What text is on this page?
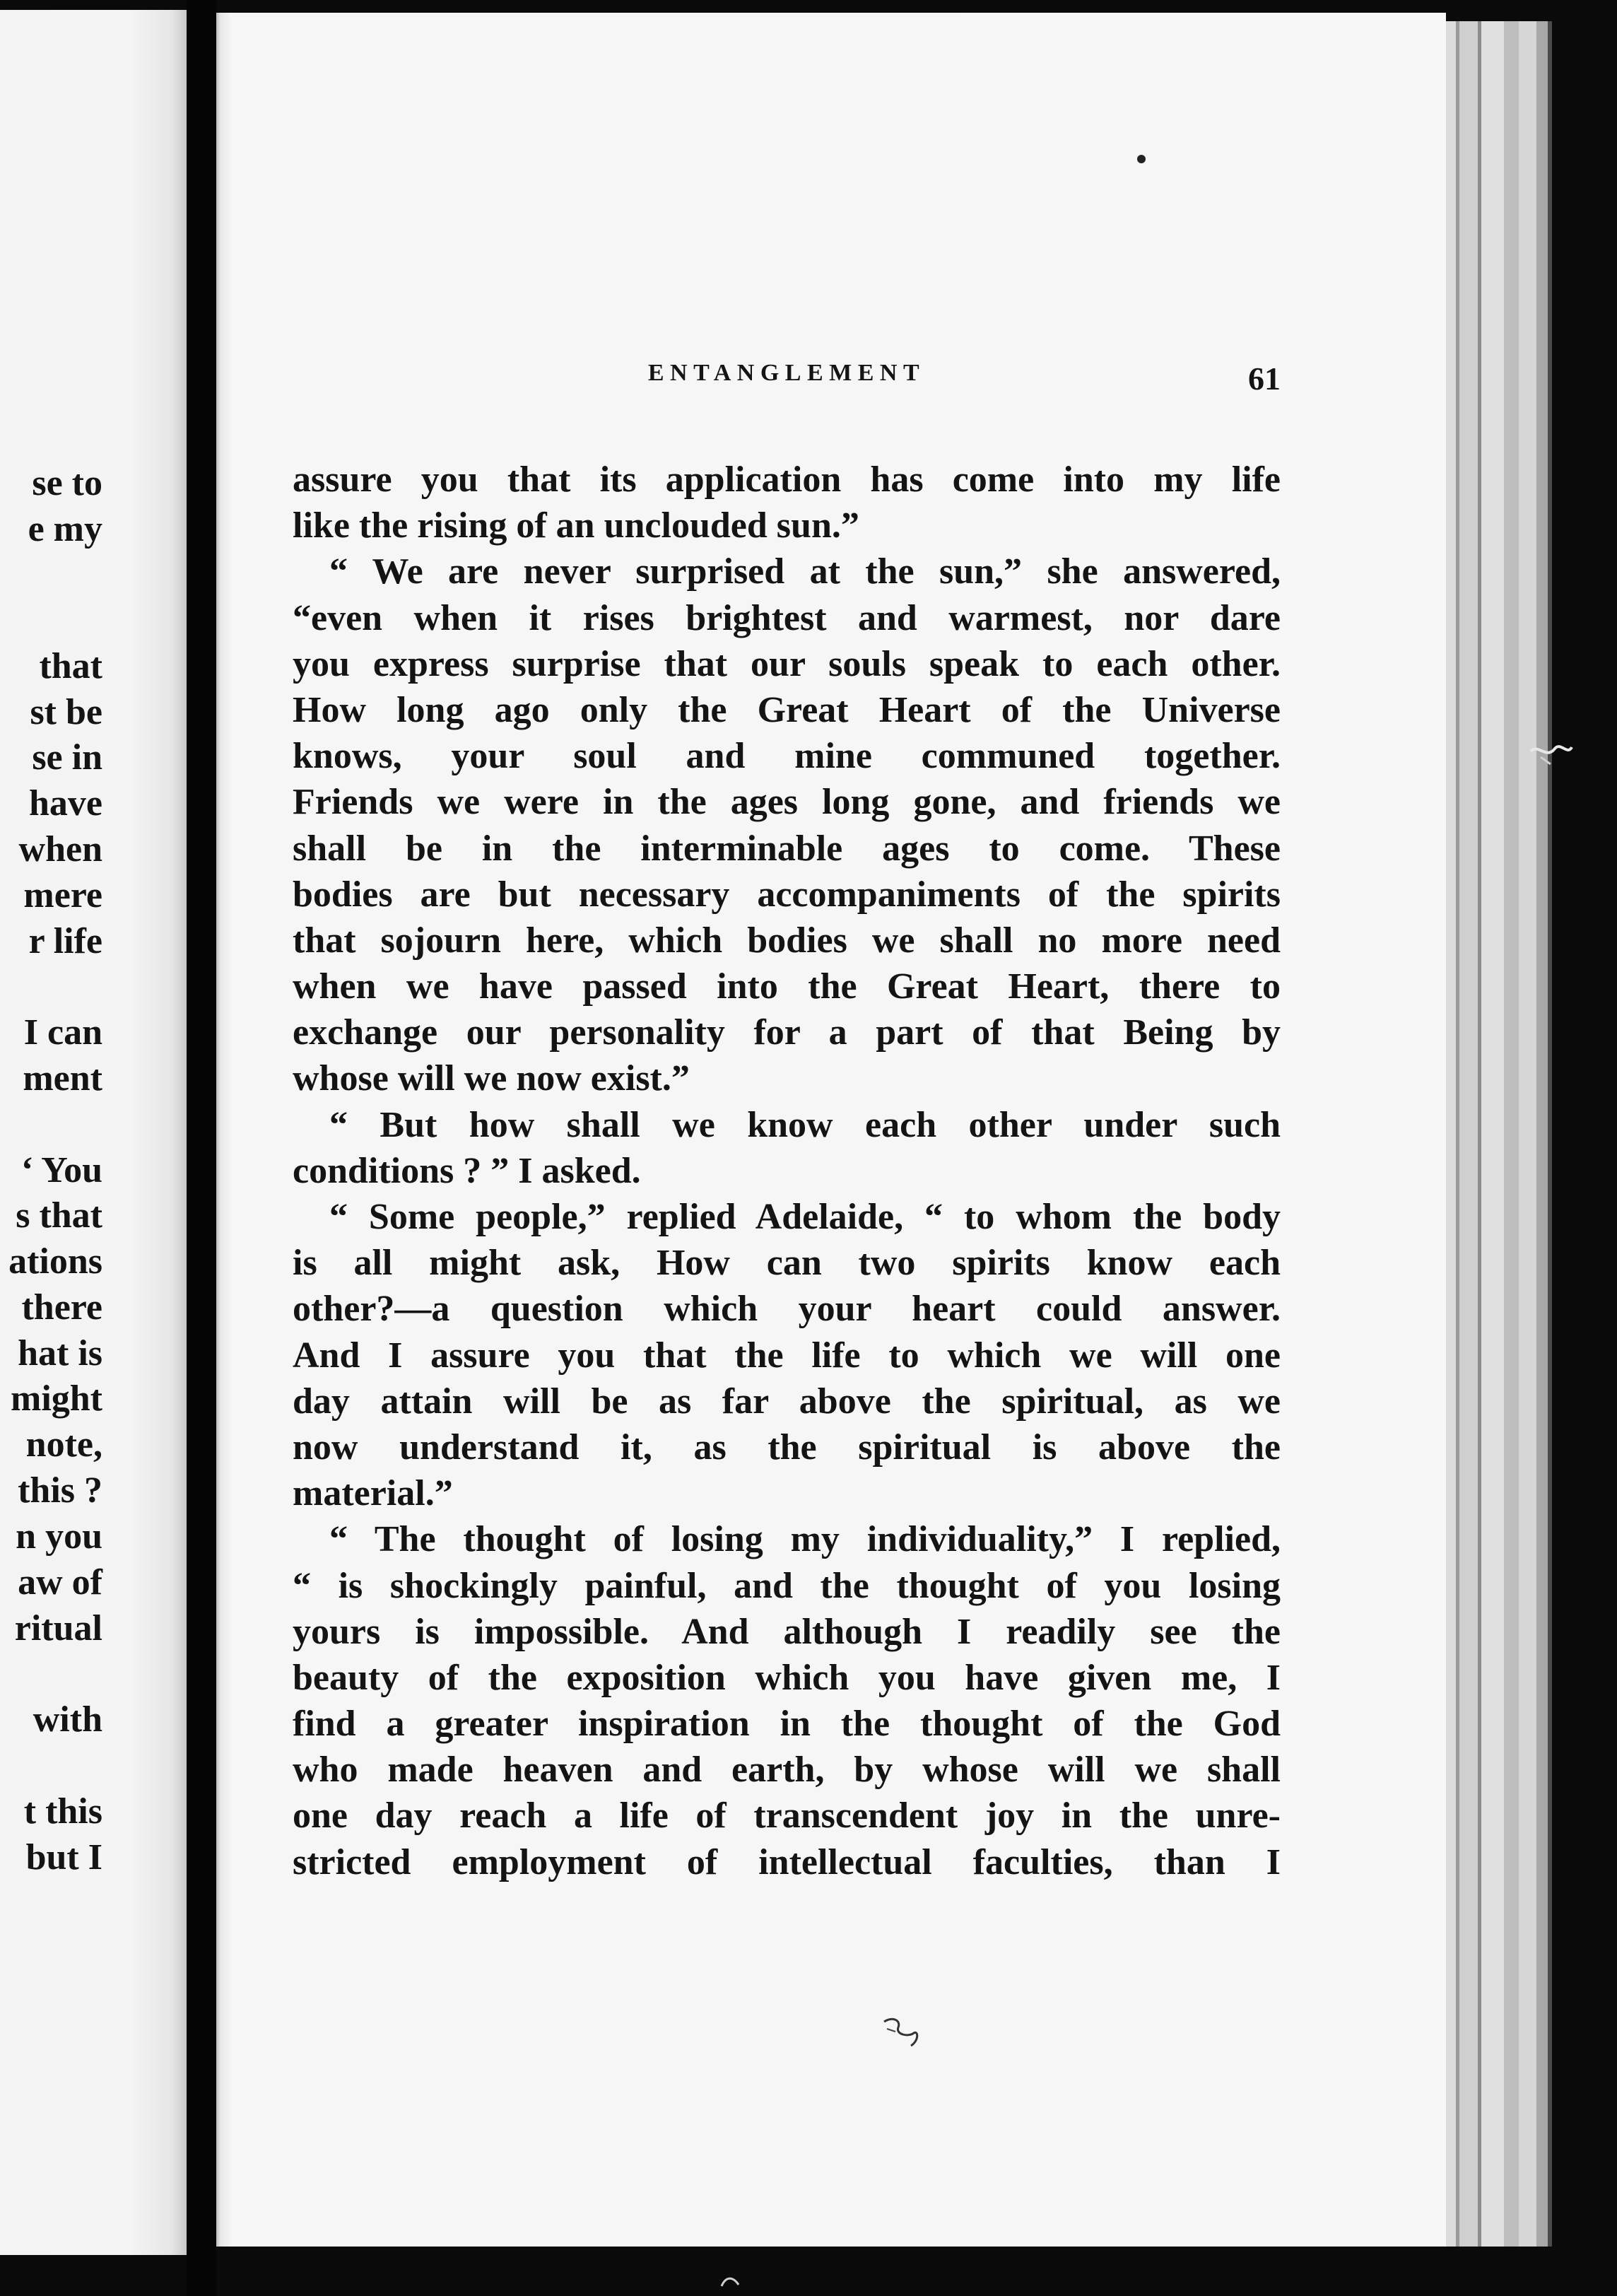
se to
e my
that
st be
se in
have
when
mere
r life
I can
ment
‘ You
s that
ations
there
hat is
might
note,
this ?
n you
aw of
ritual
with
t this
but I
ENTANGLEMENT	61
assure you that its application has come into my life
like the rising of an unclouded sun.”
“ We are never surprised at the sun,” she answered,
“even when it rises brightest and warmest, nor dare
you express surprise that our souls speak to each other.
How long ago only the Great Heart of the Universe
knows, your soul and mine communed together.
Friends we were in the ages long gone, and friends we
shall be in the interminable ages to come. These
bodies are but necessary accompaniments of the spirits
that sojourn here, which bodies we shall no more need
when we have passed into the Great Heart, there to
exchange our personality for a part of that Being by
whose will we now exist.”
“ But how shall we know each other under such
conditions ? ” I asked.
“ Some people,” replied Adelaide, “ to whom the body
is all might ask, How can two spirits know each
other?—a question which your heart could answer.
And I assure you that the life to which we will one
day attain will be as far above the spiritual, as we
now understand it, as the spiritual is above the
material.”
“ The thought of losing my individuality,” I replied,
“ is shockingly painful, and the thought of you losing
yours is impossible. And although I readily see the
beauty of the exposition which you have given me, I
find a greater inspiration in the thought of the God
who made heaven and earth, by whose will we shall
one day reach a life of transcendent joy in the unre-
stricted employment of intellectual faculties, than I
